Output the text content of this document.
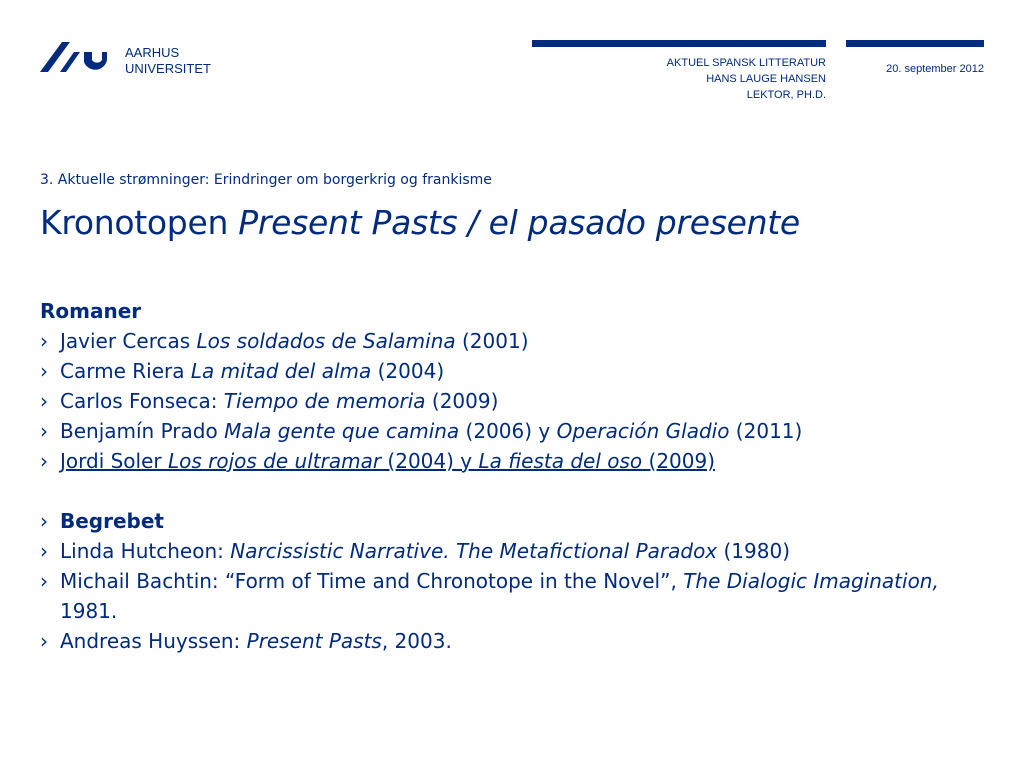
AARHUS
UNIVERSITET	AKTUEL SPANSK LITTERATUR
HANS LAUGE HANSEN
LEKTOR, PH.D.
20. september 2012
3. Aktuelle strømninger: Erindringer om borgerkrig og frankisme
Kronotopen Present Pasts / el pasado presente
Romaner
› Javier Cercas Los soldados de Salamina (2001)
› Carme Riera La mitad del alma (2004)
› Carlos Fonseca: Tiempo de memoria (2009)
› Benjamín Prado Mala gente que camina (2006) y Operación Gladio (2011)
› Jordi Soler Los rojos de ultramar (2004) y La fiesta del oso (2009)
› Begrebet
› Linda Hutcheon: Narcissistic Narrative. The Metafictional Paradox (1980)
› Michail Bachtin: “Form of Time and Chronotope in the Novel”, The Dialogic Imagination, 1981.
› Andreas Huyssen: Present Pasts, 2003.
